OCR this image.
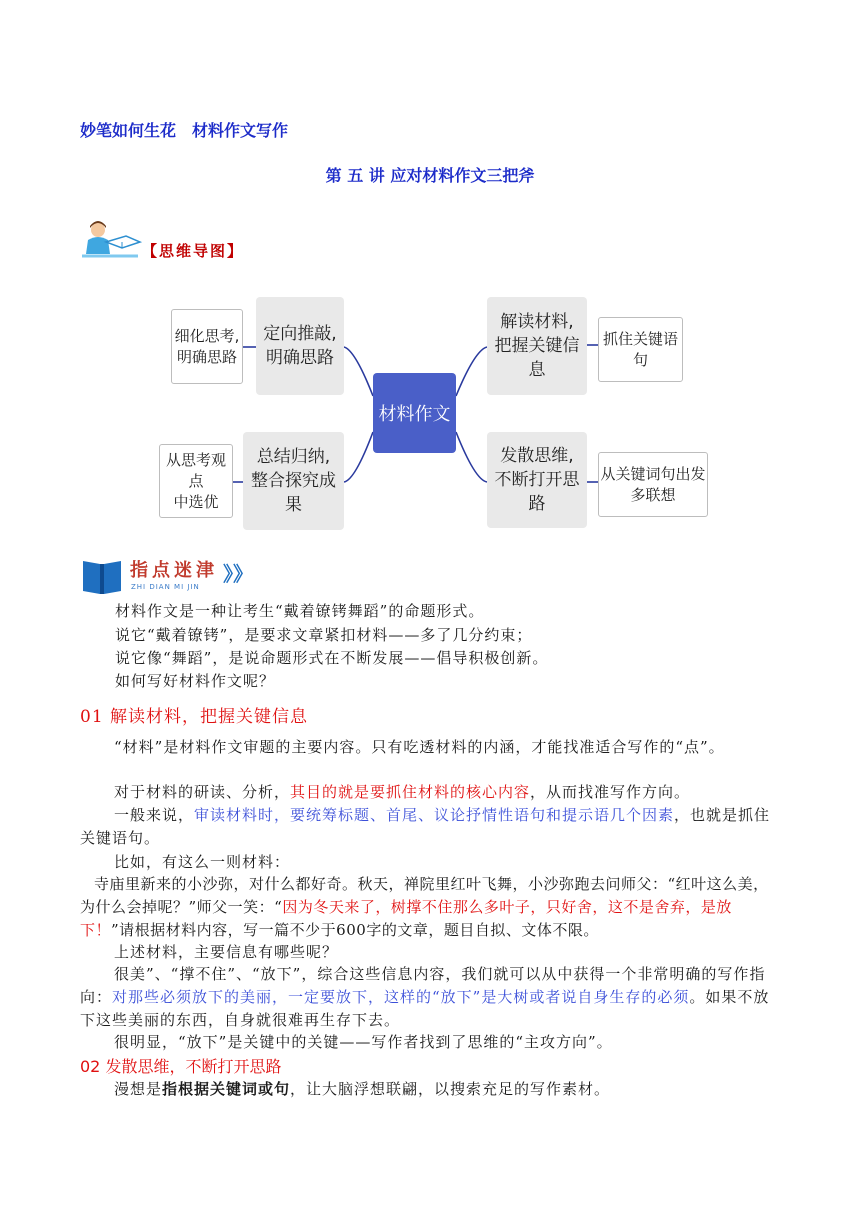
妙笔如何生花　材料作文写作
第 五 讲 应对材料作文三把斧
【思维导图】
材料作文
定向推敲,
明确思路
细化思考,
明确思路
总结归纳,
整合探究成果
从思考观点
中选优
解读材料,
把握关键信息
抓住关键语
句
发散思维,
不断打开思路
从关键词句出发
多联想
指点迷津
ZHI DIAN MI JIN
》》
材料作文是一种让考生“戴着镣铐舞蹈”的命题形式。
说它“戴着镣铐”，是要求文章紧扣材料——多了几分约束；
说它像“舞蹈”，是说命题形式在不断发展——倡导积极创新。
如何写好材料作文呢？
01 解读材料，把握关键信息
“材料”是材料作文审题的主要内容。只有吃透材料的内涵，才能找准适合写作的“点”。
对于材料的研读、分析，其目的就是要抓住材料的核心内容，从而找准写作方向。
一般来说，审读材料时，要统筹标题、首尾、议论抒情性语句和提示语几个因素，也就是抓住关键语句。
比如，有这么一则材料：
寺庙里新来的小沙弥，对什么都好奇。秋天，禅院里红叶飞舞，小沙弥跑去问师父：“红叶这么美，为什么会掉呢？”师父一笑：“因为冬天来了，树撑不住那么多叶子，只好舍，这不是舍弃，是放下！”请根据材料内容，写一篇不少于600字的文章，题目自拟、文体不限。
上述材料，主要信息有哪些呢？
很美”、“撑不住”、“放下”，综合这些信息内容，我们就可以从中获得一个非常明确的写作指向：对那些必须放下的美丽，一定要放下，这样的“放下”是大树或者说自身生存的必须。如果不放下这些美丽的东西，自身就很难再生存下去。
很明显，“放下”是关键中的关键——写作者找到了思维的“主攻方向”。
02 发散思维，不断打开思路
漫想是指根据关键词或句，让大脑浮想联翩，以搜索充足的写作素材。
